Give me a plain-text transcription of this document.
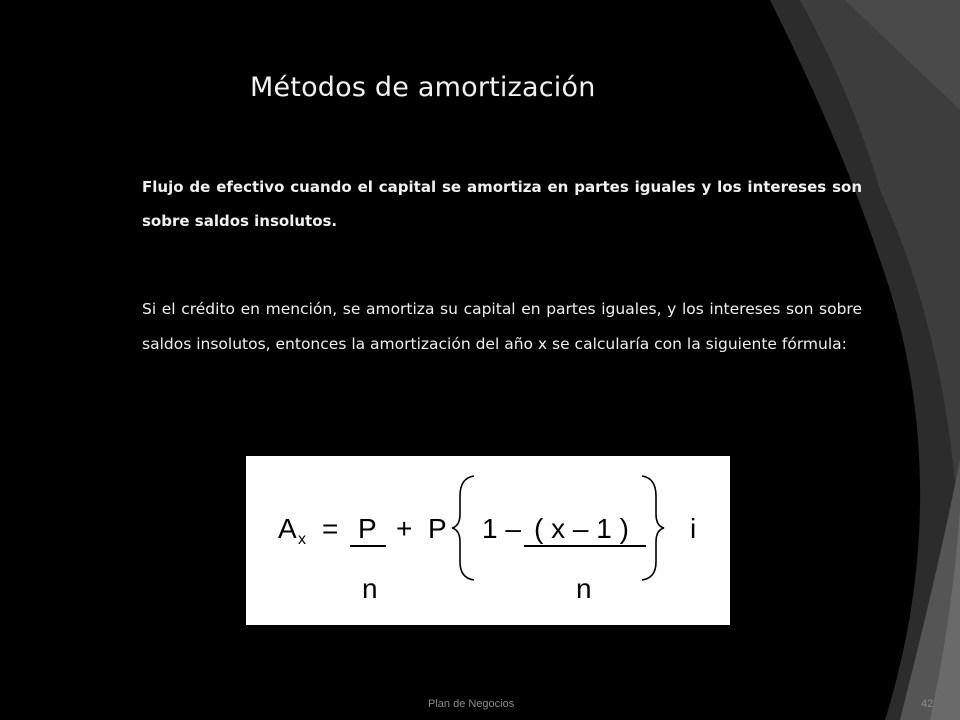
Métodos de amortización
Flujo de efectivo cuando el capital se amortiza en partes iguales y los intereses son sobre saldos insolutos.
Si el crédito en mención, se amortiza su capital en partes iguales, y los intereses son sobre saldos insolutos, entonces la amortización del año x se calcularía con la siguiente fórmula:
A x = P + P 1 – ( x – 1 ) i
n	n
Plan de Negocios	42
